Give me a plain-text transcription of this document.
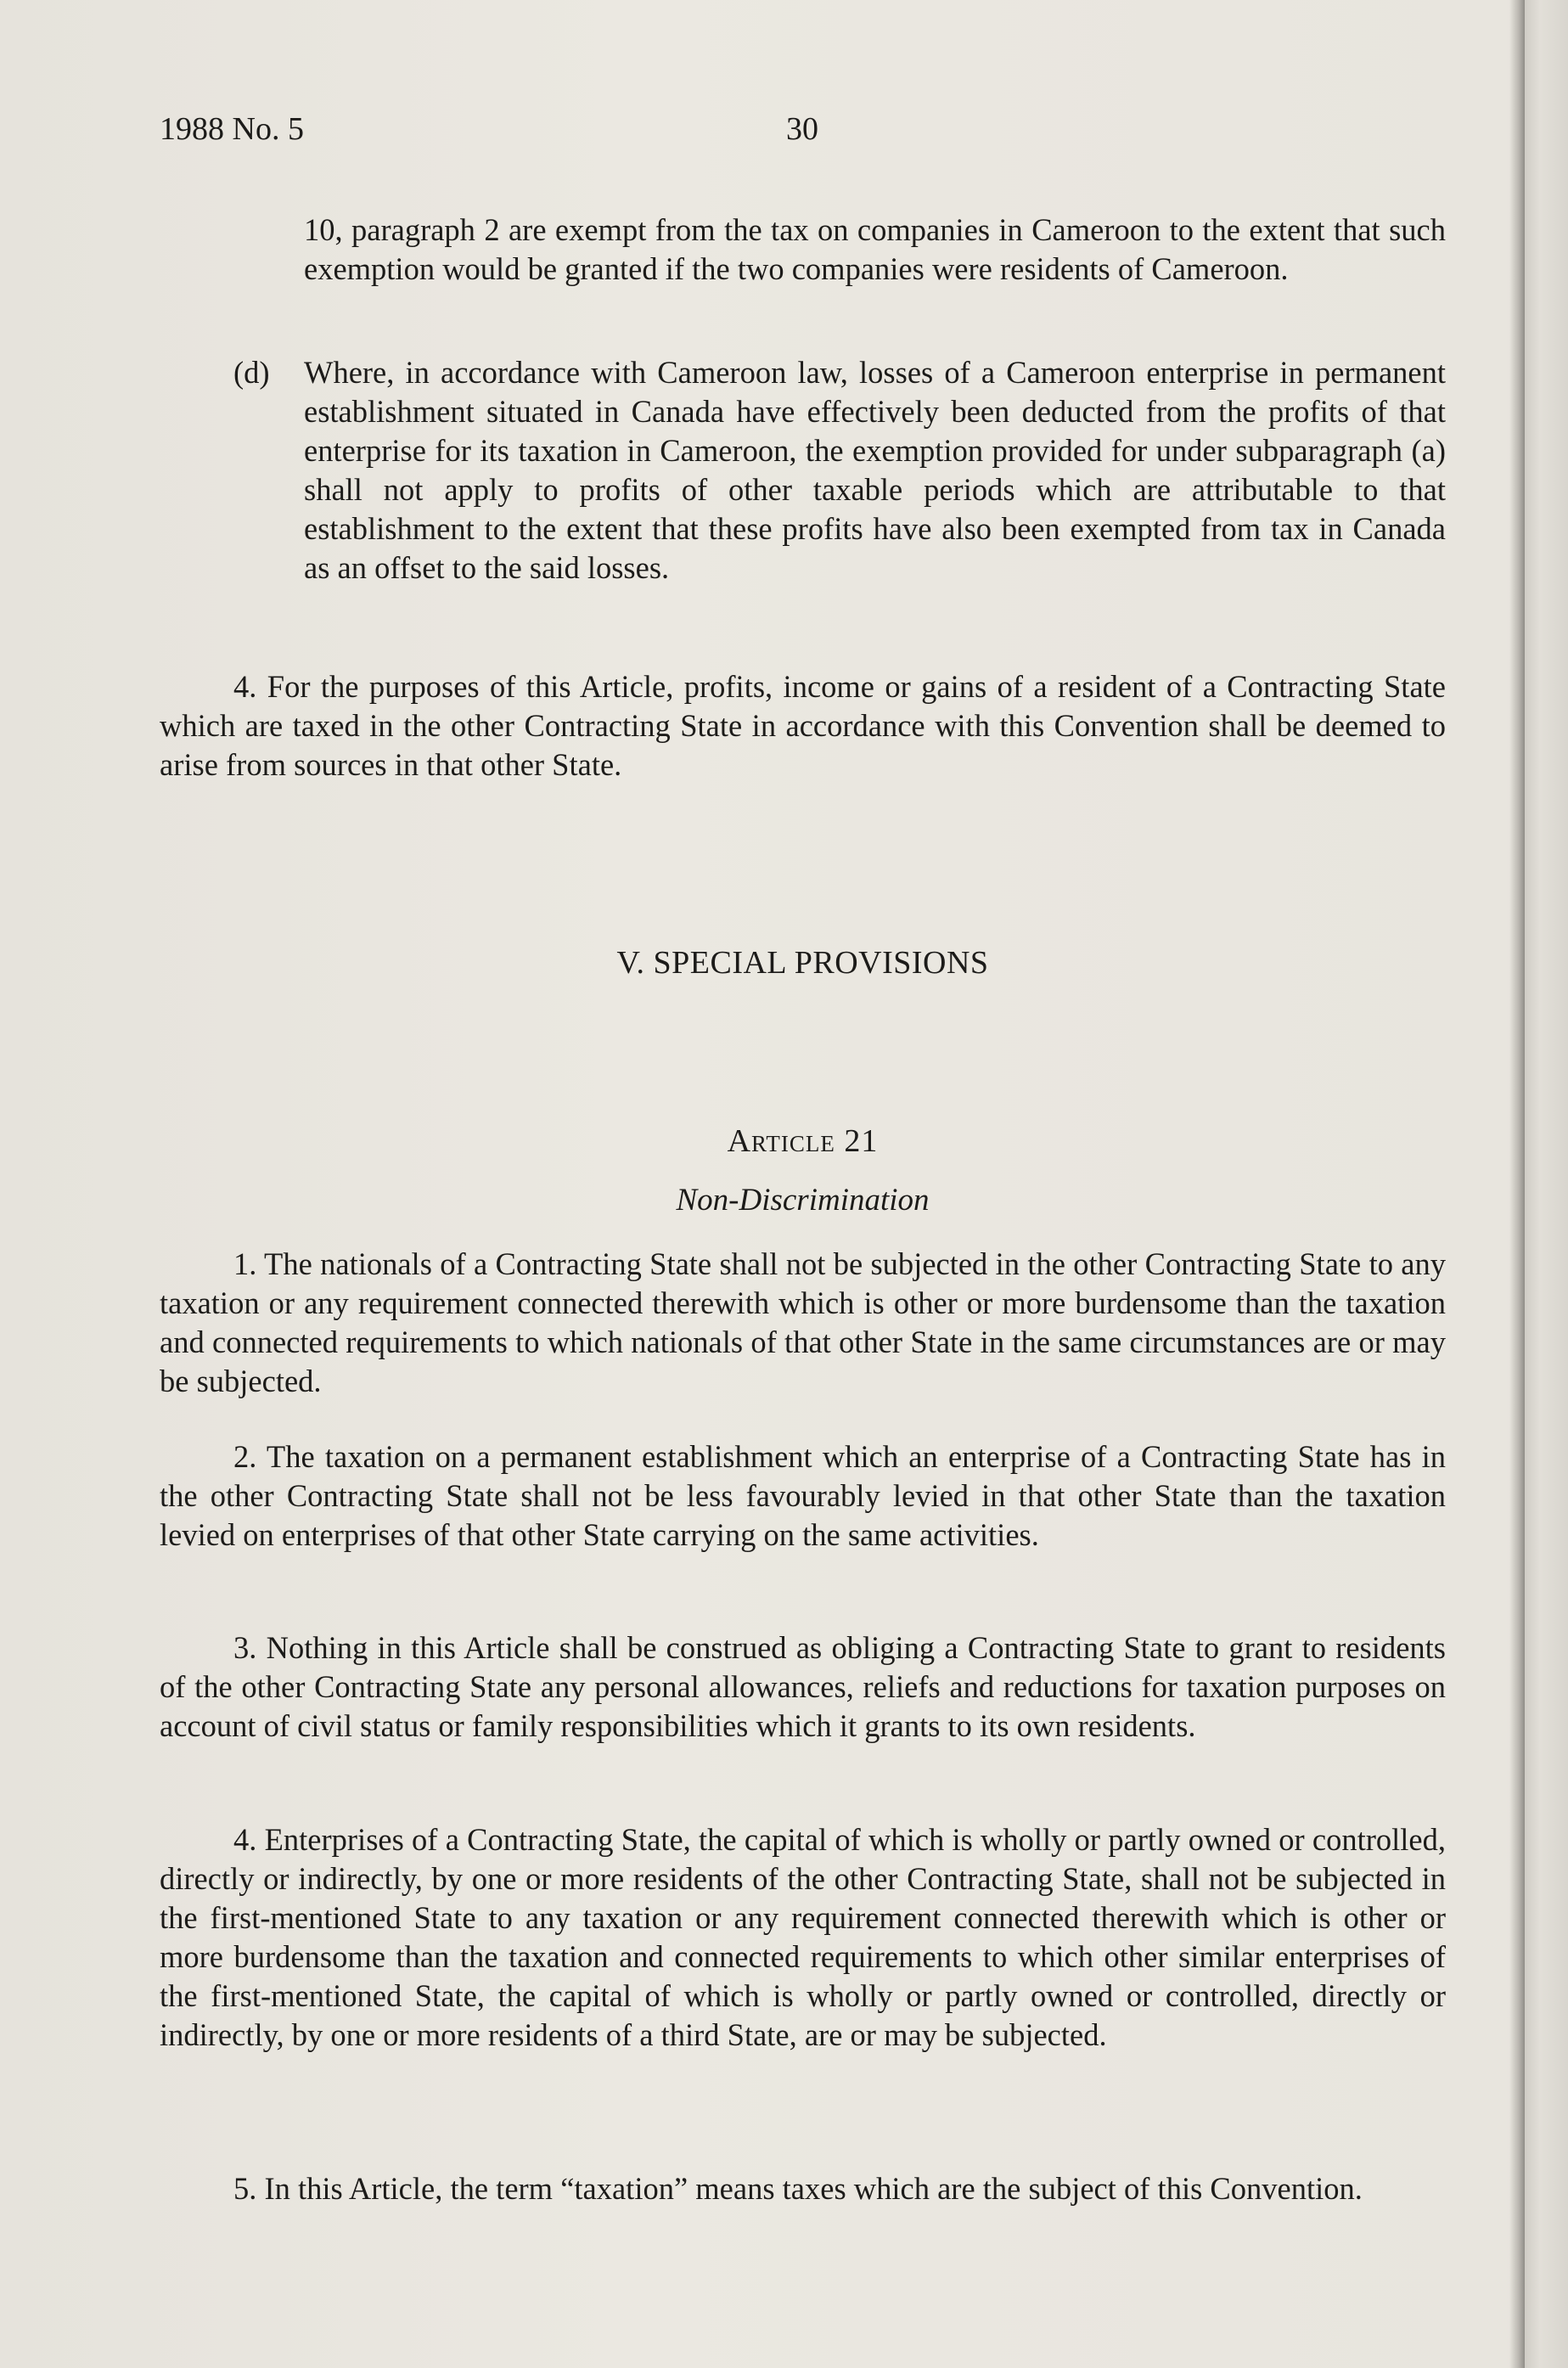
1988 No. 5	30
10, paragraph 2 are exempt from the tax on companies in Cameroon to the extent that such exemption would be granted if the two companies were residents of Cameroon.
(d) Where, in accordance with Cameroon law, losses of a Cameroon enterprise in permanent establishment situated in Canada have effectively been deducted from the profits of that enterprise for its taxation in Cameroon, the exemption provided for under subparagraph (a) shall not apply to profits of other taxable periods which are attributable to that establishment to the extent that these profits have also been exempted from tax in Canada as an offset to the said losses.
4. For the purposes of this Article, profits, income or gains of a resident of a Contracting State which are taxed in the other Contracting State in accordance with this Convention shall be deemed to arise from sources in that other State.
V. SPECIAL PROVISIONS
Article 21
Non-Discrimination
1. The nationals of a Contracting State shall not be subjected in the other Contracting State to any taxation or any requirement connected therewith which is other or more burdensome than the taxation and connected requirements to which nationals of that other State in the same circumstances are or may be subjected.
2. The taxation on a permanent establishment which an enterprise of a Contracting State has in the other Contracting State shall not be less favourably levied in that other State than the taxation levied on enterprises of that other State carrying on the same activities.
3. Nothing in this Article shall be construed as obliging a Contracting State to grant to residents of the other Contracting State any personal allowances, reliefs and reductions for taxation purposes on account of civil status or family responsibilities which it grants to its own residents.
4. Enterprises of a Contracting State, the capital of which is wholly or partly owned or controlled, directly or indirectly, by one or more residents of the other Contracting State, shall not be subjected in the first-mentioned State to any taxation or any requirement connected therewith which is other or more burdensome than the taxation and connected requirements to which other similar enterprises of the first-mentioned State, the capital of which is wholly or partly owned or controlled, directly or indirectly, by one or more residents of a third State, are or may be subjected.
5. In this Article, the term “taxation” means taxes which are the subject of this Convention.
